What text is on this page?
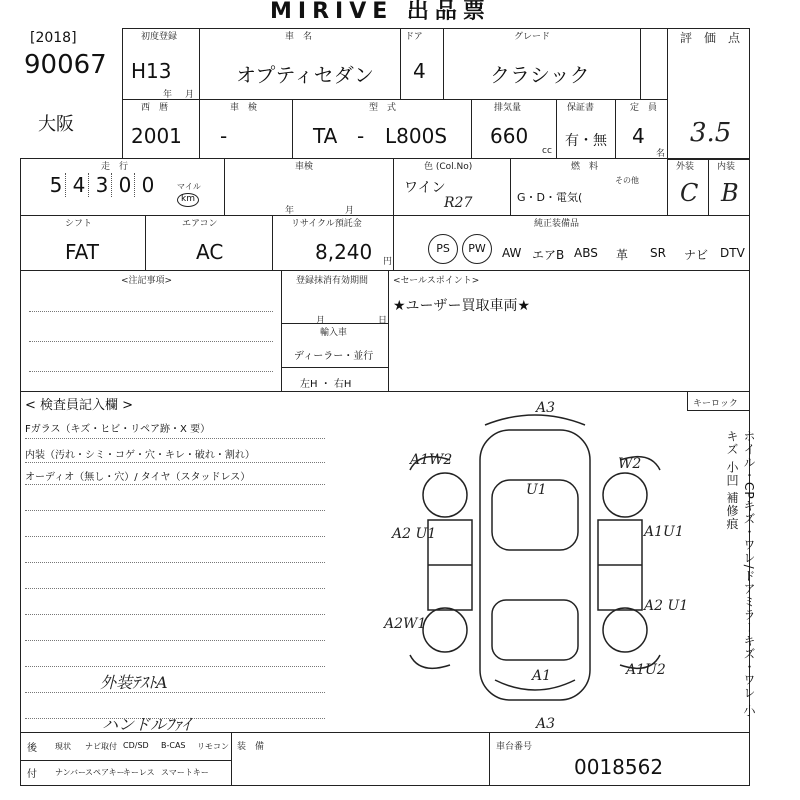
MIRIVE 出品票
[2018]
90067
大阪
初度登録
H13
年 月
車　名
オプティセダン
ドア
4
グレード
クラシック
評　価　点
3.5
西　暦
2001
車　検
-
型　式
TA - L800S
排気量
660
cc
保証書
有・無
定　員
4
名
走　行
5 4 3 0 0	マイル
km
車検
年	月
色 (Col.No)
ワイン
R27
燃　料
G・D・電気(
その他
外装
C
内装
B
シフト
FAT
エアコン
AC
リサイクル預託金
8,240 円
純正装備品
PS	PW	AW エアB ABS 革 SR ナビ DTV
<注記事項>	登録抹消有効期間
月	日
輸入車
ディーラー・並行
左H ・ 右H
<セールスポイント>
★ユーザー買取車両★
< 検査員記入欄 >
Fガラス（キズ・ヒビ・リペア跡・X 要）
内装（汚れ・シミ・コゲ・穴・キレ・破れ・割れ）
オーディオ（無し・穴）/ タイヤ（スタッドレス）
キーロック
外装ﾃｽﾄA
ハンドルﾌｧｲ
A3
A1W2	W2
U1
A2 U1	A1U1
A2W1
A2 U1
A1	A1U2
A3
ホイル・CPキズ・ワレ/ドアミラーキズ・ワレ 小キズ 小凹 補修痕
後
付
現状 ナビ取付 CD/SD B-CAS リモコン
ナンバー
スペアキー
キーレス スマートキー
装　備	車台番号
0018562
